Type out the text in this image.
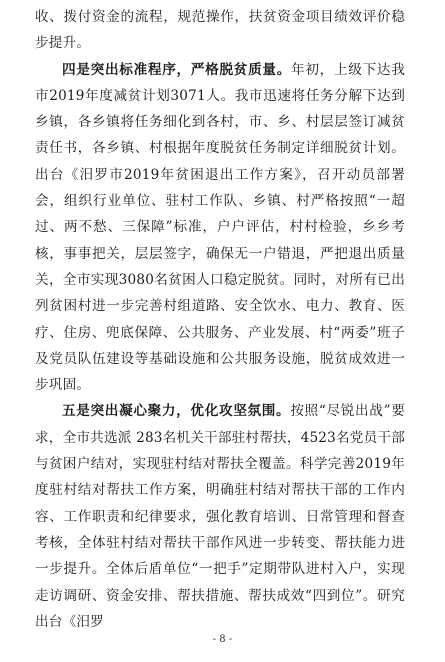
收、拨付资金的流程，规范操作，扶贫资金项目绩效评价稳步提升。

四是突出标准程序，严格脱贫质量。年初，上级下达我市2019年度减贫计划3071人。我市迅速将任务分解下达到乡镇，各乡镇将任务细化到各村，市、乡、村层层签订减贫责任书，各乡镇、村根据年度脱贫任务制定详细脱贫计划。出台《汨罗市2019年贫困退出工作方案》，召开动员部署会，组织行业单位、驻村工作队、乡镇、村严格按照“一超过、两不愁、三保障”标准，户户评估，村村检验，乡乡考核，事事把关，层层签字，确保无一户错退，严把退出质量关，全市实现3080名贫困人口稳定脱贫。同时，对所有已出列贫困村进一步完善村组道路、安全饮水、电力、教育、医疗、住房、兜底保障、公共服务、产业发展、村“两委”班子及党员队伍建设等基础设施和公共服务设施，脱贫成效进一步巩固。

五是突出凝心聚力，优化攻坚氛围。按照“尽锐出战”要求，全市共选派 283名机关干部驻村帮扶，4523名党员干部与贫困户结对，实现驻村结对帮扶全覆盖。科学完善2019年度驻村结对帮扶工作方案，明确驻村结对帮扶干部的工作内容、工作职责和纪律要求，强化教育培训、日常管理和督查考核，全体驻村结对帮扶干部作风进一步转变、帮扶能力进一步提升。全体后盾单位“一把手”定期带队进村入户，实现走访调研、资金安排、帮扶措施、帮扶成效“四到位”。研究出台《汨罗

- 8 -
